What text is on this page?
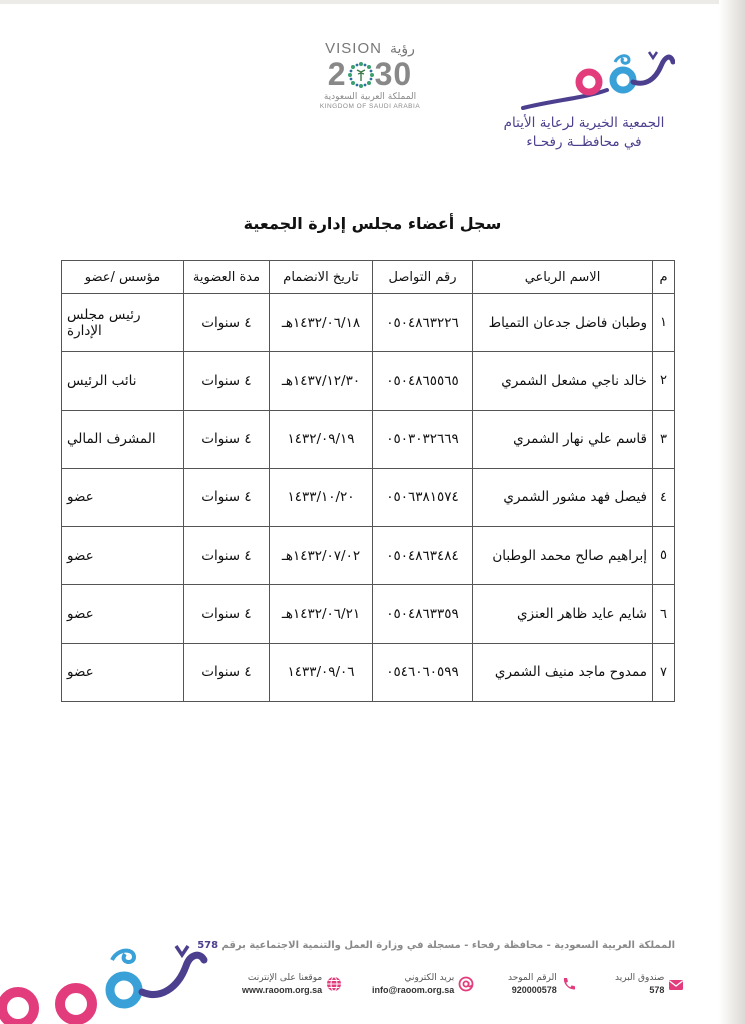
VISION رؤية
2 30
المملكة العربية السعودية
KINGDOM OF SAUDI ARABIA
رؤوم
الجمعية الخيرية لرعاية الأيتام
في محافظــة رفحـاء
سجل أعضاء مجلس إدارة الجمعية
م	الاسم الرباعي	رقم التواصل	تاريخ الانضمام	مدة العضوية	مؤسس /عضو
١	وطبان فاضل جدعان التمياط	٠٥٠٤٨٦٣٢٢٦	١٤٣٢/٠٦/١٨هـ	٤ سنوات	رئيس مجلس الإدارة
٢	خالد ناجي مشعل الشمري	٠٥٠٤٨٦٥٥٦٥	١٤٣٧/١٢/٣٠هـ	٤ سنوات	نائب الرئيس
٣	قاسم علي نهار الشمري	٠٥٠٣٠٣٢٦٦٩	١٤٣٢/٠٩/١٩	٤ سنوات	المشرف المالي
٤	فيصل فهد مشور الشمري	٠٥٠٦٣٨١٥٧٤	١٤٣٣/١٠/٢٠	٤ سنوات	عضو
٥	إبراهيم صالح محمد الوطبان	٠٥٠٤٨٦٣٤٨٤	١٤٣٢/٠٧/٠٢هـ	٤ سنوات	عضو
٦	شايم عايد ظاهر العنزي	٠٥٠٤٨٦٣٣٥٩	١٤٣٢/٠٦/٢١هـ	٤ سنوات	عضو
٧	ممدوح ماجد منيف الشمري	٠٥٤٦٠٦٠٥٩٩	١٤٣٣/٠٩/٠٦	٤ سنوات	عضو
المملكة العربية السعودية - محافظة رفحاء - مسجلة في وزارة العمل والتنمية الاجتماعية برقم 578
صندوق البريد
578
الرقم الموحد
920000578
بريد الكتروني
info@raoom.org.sa
موقعنا على الإنترنت
www.raoom.org.sa
